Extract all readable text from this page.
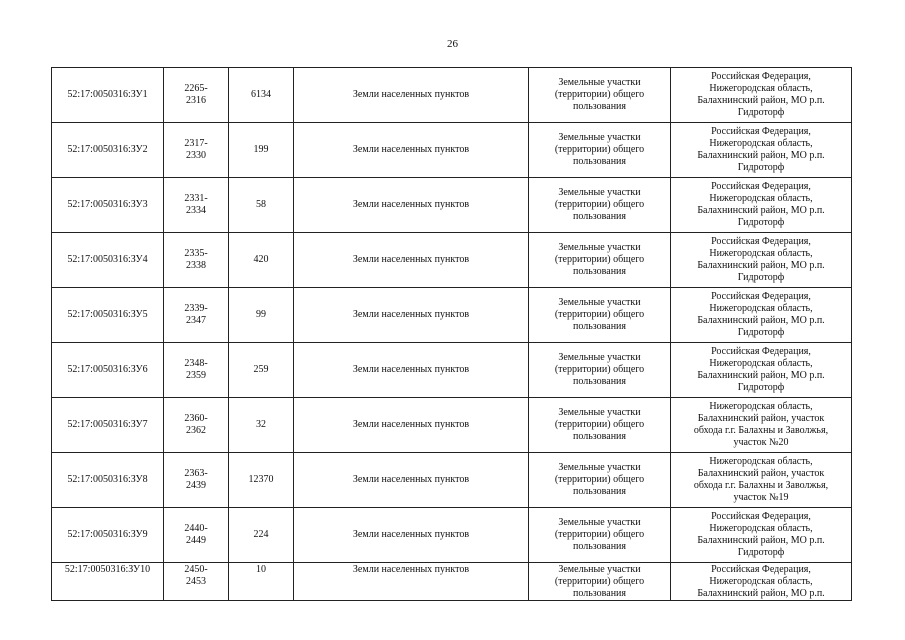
26
52:17:0050316:ЗУ1	2265-
2316	6134	Земли населенных пунктов	Земельные участки
(территории) общего
пользования	Российская Федерация,
Нижегородская область,
Балахнинский район, МО р.п.
Гидроторф

52:17:0050316:ЗУ2	2317-
2330	199	Земли населенных пунктов	Земельные участки
(территории) общего
пользования	Российская Федерация,
Нижегородская область,
Балахнинский район, МО р.п.
Гидроторф

52:17:0050316:ЗУ3	2331-
2334	58	Земли населенных пунктов	Земельные участки
(территории) общего
пользования	Российская Федерация,
Нижегородская область,
Балахнинский район, МО р.п.
Гидроторф

52:17:0050316:ЗУ4	2335-
2338	420	Земли населенных пунктов	Земельные участки
(территории) общего
пользования	Российская Федерация,
Нижегородская область,
Балахнинский район, МО р.п.
Гидроторф

52:17:0050316:ЗУ5	2339-
2347	99	Земли населенных пунктов	Земельные участки
(территории) общего
пользования	Российская Федерация,
Нижегородская область,
Балахнинский район, МО р.п.
Гидроторф

52:17:0050316:ЗУ6	2348-
2359	259	Земли населенных пунктов	Земельные участки
(территории) общего
пользования	Российская Федерация,
Нижегородская область,
Балахнинский район, МО р.п.
Гидроторф

52:17:0050316:ЗУ7	2360-
2362	32	Земли населенных пунктов	Земельные участки
(территории) общего
пользования	Нижегородская область,
Балахнинский район, участок
обхода г.г. Балахны и Заволжья,
участок №20

52:17:0050316:ЗУ8	2363-
2439	12370	Земли населенных пунктов	Земельные участки
(территории) общего
пользования	Нижегородская область,
Балахнинский район, участок
обхода г.г. Балахны и Заволжья,
участок №19

52:17:0050316:ЗУ9	2440-
2449	224	Земли населенных пунктов	Земельные участки
(территории) общего
пользования	Российская Федерация,
Нижегородская область,
Балахнинский район, МО р.п.
Гидроторф

52:17:0050316:ЗУ10	2450-
2453	10	Земли населенных пунктов	Земельные участки
(территории) общего
пользования	Российская Федерация,
Нижегородская область,
Балахнинский район, МО р.п.
